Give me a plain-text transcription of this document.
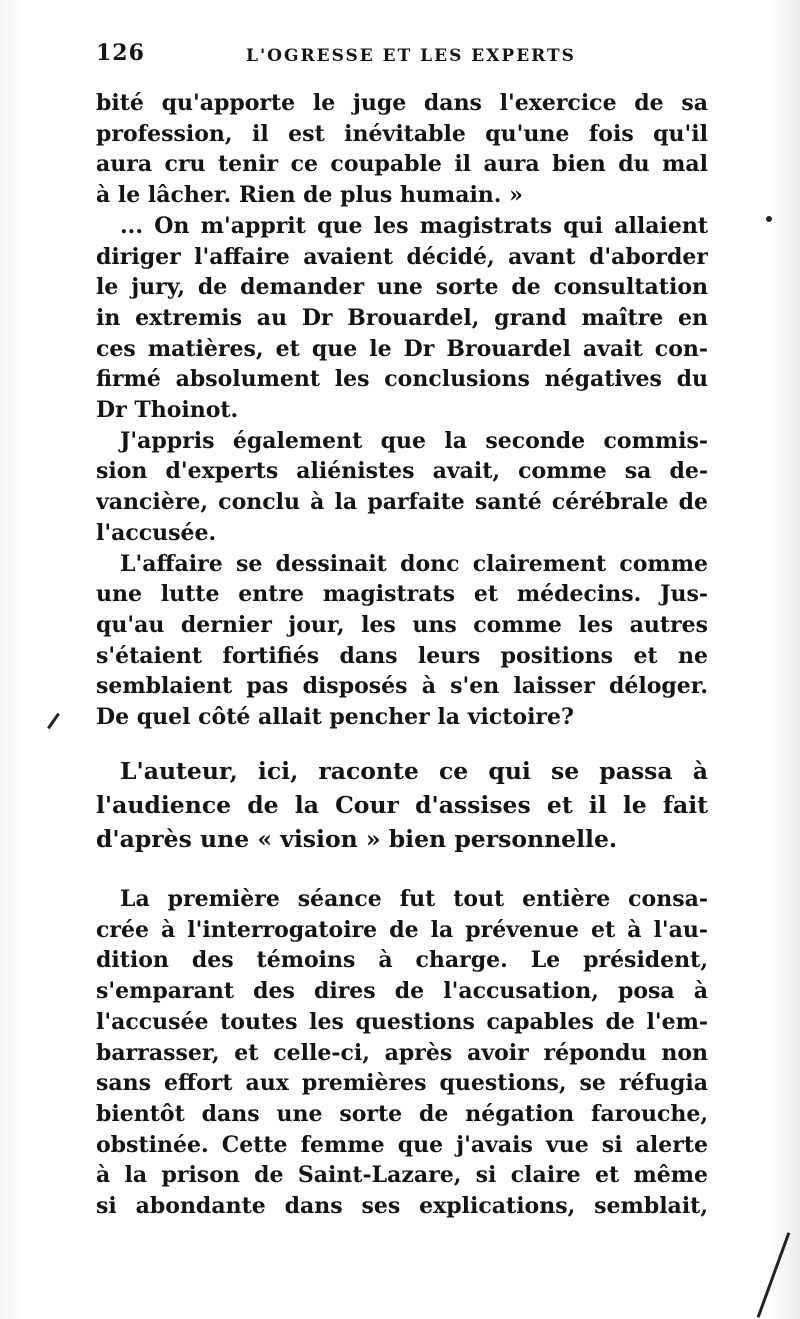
126	L'OGRESSE ET LES EXPERTS
bité qu'apporte le juge dans l'exercice de sa
profession, il est inévitable qu'une fois qu'il
aura cru tenir ce coupable il aura bien du mal
à le lâcher. Rien de plus humain. »
... On m'apprit que les magistrats qui allaient
diriger l'affaire avaient décidé, avant d'aborder
le jury, de demander une sorte de consultation
in extremis au Dr Brouardel, grand maître en
ces matières, et que le Dr Brouardel avait con-
firmé absolument les conclusions négatives du
Dr Thoinot.
J'appris également que la seconde commis-
sion d'experts aliénistes avait, comme sa de-
vancière, conclu à la parfaite santé cérébrale de
l'accusée.
L'affaire se dessinait donc clairement comme
une lutte entre magistrats et médecins. Jus-
qu'au dernier jour, les uns comme les autres
s'étaient fortifiés dans leurs positions et ne
semblaient pas disposés à s'en laisser déloger.
De quel côté allait pencher la victoire?
L'auteur, ici, raconte ce qui se passa à
l'audience de la Cour d'assises et il le fait
d'après une « vision » bien personnelle.
La première séance fut tout entière consa-
crée à l'interrogatoire de la prévenue et à l'au-
dition des témoins à charge. Le président,
s'emparant des dires de l'accusation, posa à
l'accusée toutes les questions capables de l'em-
barrasser, et celle-ci, après avoir répondu non
sans effort aux premières questions, se réfugia
bientôt dans une sorte de négation farouche,
obstinée. Cette femme que j'avais vue si alerte
à la prison de Saint-Lazare, si claire et même
si abondante dans ses explications, semblait,
